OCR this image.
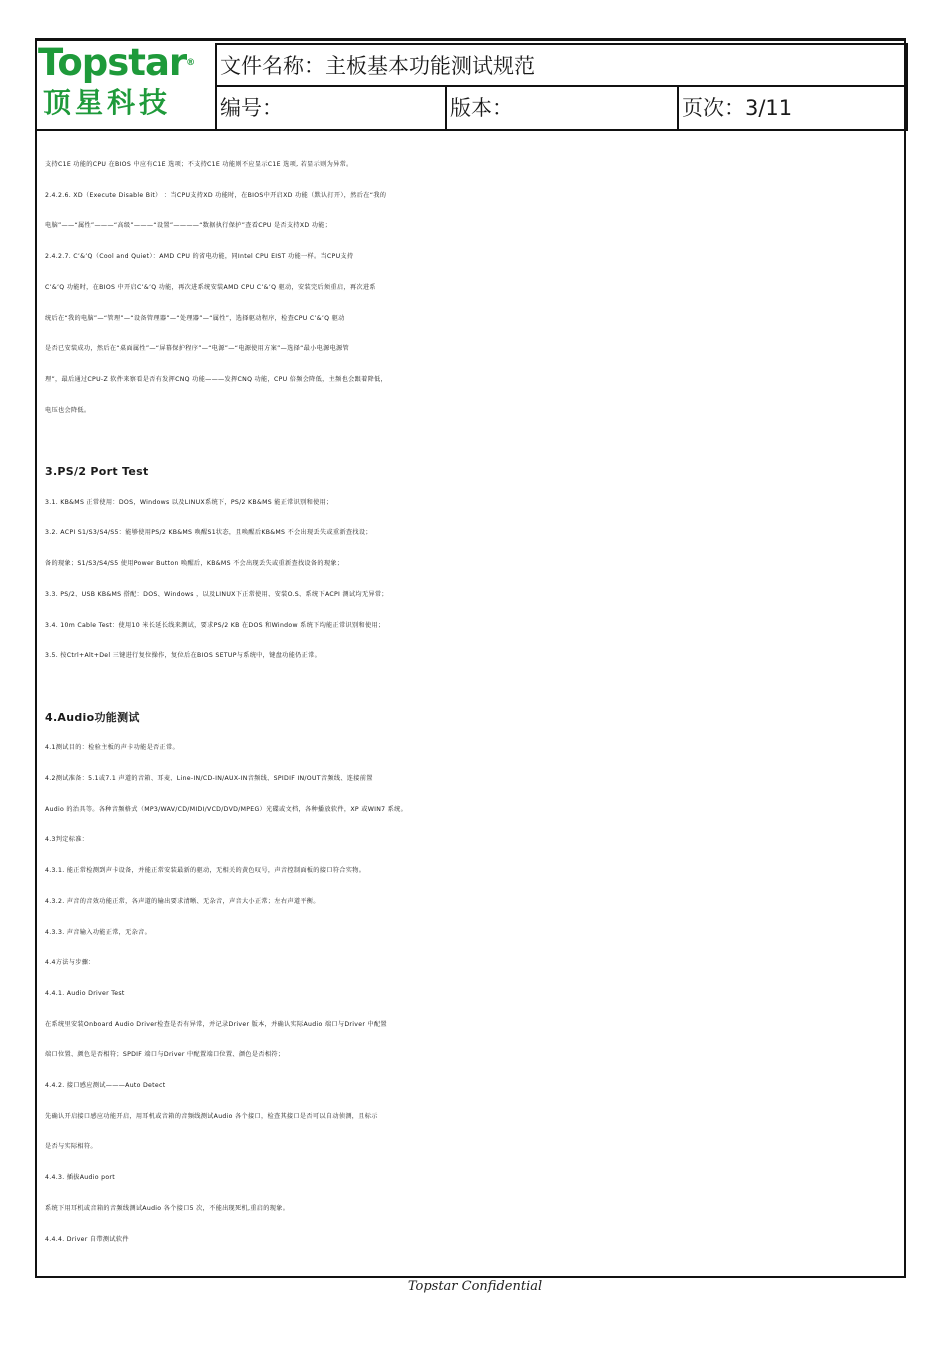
Topstar®
顶星科技
文件名称：主板基本功能测试规范
编号：	版本：	页次：3/11

支持C1E 功能的CPU 在BIOS 中应有C1E 选项；不支持C1E 功能则不应显示C1E 选项, 若显示则为异常。

2.4.2.6. XD（Execute Disable Bit） ：当CPU支持XD 功能时，在BIOS中开启XD 功能（默认打开），然后在“我的

电脑”——“属性”———“高级”———“设置”————“数据执行保护”查看CPU 是否支持XD 功能；

2.4.2.7. C’&’Q（Cool and Quiet）：AMD CPU 的省电功能，同Intel CPU EIST 功能一样。当CPU支持

C’&’Q 功能时，在BIOS 中开启C’&’Q 功能，再次进系统安装AMD CPU C’&’Q 驱动，安装完后须重启，再次进系

统后在“我的电脑”—“管理”—“设备管理器”—“处理器”—“属性”，选择驱动程序，检查CPU C’&’Q 驱动

是否已安装成功，然后在“桌面属性”—“屏幕保护程序”—“电源”—“电源使用方案”—选择“最小电源电源管

理”，最后通过CPU-Z 软件来察看是否有发挥CNQ 功能———发挥CNQ 功能，CPU 倍频会降低，主频也会跟着降低，

电压也会降低。

3.PS/2 Port Test

3.1. KB&MS 正常使用：DOS，Windows 以及LINUX系统下，PS/2 KB&MS 能正常识别和使用；

3.2. ACPI S1/S3/S4/S5：能够使用PS/2 KB&MS 唤醒S1状态，且唤醒后KB&MS 不会出现丢失或重新查找设；

备的现象；S1/S3/S4/S5 使用Power Button 唤醒后，KB&MS 不会出现丢失或重新查找设备的现象；

3.3. PS/2、USB KB&MS 搭配：DOS、Windows ，以及LINUX下正常使用、安装O.S、系统下ACPI 测试均无异常；

3.4. 10m Cable Test：使用10 米长延长线来测试，要求PS/2 KB 在DOS 和Window 系统下均能正常识别和使用；

3.5. 按Ctrl+Alt+Del 三键进行复位操作，复位后在BIOS SETUP与系统中，键盘功能仍正常。

4.Audio功能测试

4.1测试目的：检验主板的声卡功能是否正常。

4.2测试准备：5.1或7.1 声道的音箱、耳麦、Line-IN/CD-IN/AUX-IN音频线、SPIDIF IN/OUT音频线、连接前置

Audio 的治具等。各种音频格式（MP3/WAV/CD/MIDI/VCD/DVD/MPEG）光碟或文档，各种播放软件，XP 或WIN7 系统。

4.3判定标准：

4.3.1. 能正常检测到声卡设备，并能正常安装最新的驱动，无相关的黄色叹号，声音控制面板的接口符合实物。

4.3.2. 声音的音效功能正常，各声道的输出要求清晰、无杂音，声音大小正常；左右声道平衡。

4.3.3. 声音输入功能正常，无杂音。

4.4方法与步骤：

4.4.1. Audio Driver Test

在系统里安装Onboard Audio Driver检查是否有异常，并记录Driver 版本，并确认实际Audio 端口与Driver 中配置

端口位置、颜色是否相符；SPDIF 端口与Driver 中配置端口位置、颜色是否相符；

4.4.2. 接口感应测试———Auto Detect

先确认开启接口感应功能开启，用耳机或音箱的音频线测试Audio 各个接口，检查其接口是否可以自动侦测，且标示

是否与实际相符。

4.4.3. 插拔Audio port

系统下用耳机或音箱的音频线测试Audio 各个接口5 次，不能出现死机,重启的现象。

4.4.4. Driver 自带测试软件

Topstar Confidential
